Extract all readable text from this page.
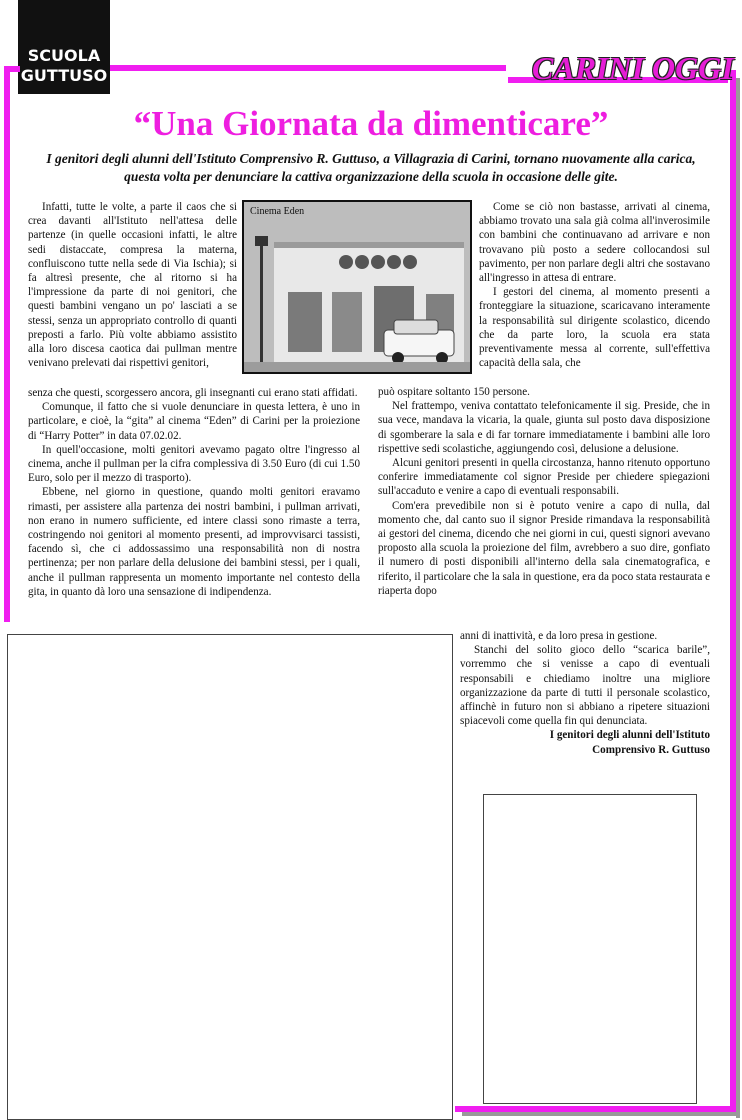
SCUOLA
GUTTUSO	CARINI OGGI
“Una Giornata da dimenticare”
I genitori degli alunni dell'Istituto Comprensivo R. Guttuso, a Villagrazia di Carini, tornano nuovamente alla carica, questa volta per denunciare la cattiva organizzazione della scuola in occasione delle gite.
Cinema Eden

Infatti, tutte le volte, a parte il caos che si crea davanti all'Istituto nell'attesa delle partenze (in quelle occasioni infatti, le altre sedi distaccate, compresa la materna, confluiscono tutte nella sede di Via Ischia); si fa altresì presente, che al ritorno si ha l'impressione da parte di noi genitori, che questi bambini vengano un po' lasciati a se stessi, senza un appropriato controllo di quanti preposti a farlo. Più volte abbiamo assistito alla loro discesa caotica dai pullman mentre venivano prelevati dai rispettivi genitori,

senza che questi, scorgessero ancora, gli insegnanti cui erano stati affidati.

Comunque, il fatto che si vuole denunciare in questa lettera, è uno in particolare, e cioè, la “gita” al cinema “Eden” di Carini per la proiezione di “Harry Potter” in data 07.02.02.

In quell'occasione, molti genitori avevamo pagato oltre l'ingresso al cinema, anche il pullman per la cifra complessiva di 3.50 Euro (di cui 1.50 Euro, solo per il mezzo di trasporto).

Ebbene, nel giorno in questione, quando molti genitori eravamo rimasti, per assistere alla partenza dei nostri bambini, i pullman arrivati, non erano in numero sufficiente, ed intere classi sono rimaste a terra, costringendo noi genitori al momento presenti, ad improvvisarci tassisti, facendo sì, che ci addossassimo una responsabilità non di nostra pertinenza; per non parlare della delusione dei bambini stessi, per i quali, anche il pullman rappresenta un momento importante nel contesto della gita, in quanto dà loro una sensazione di indipendenza.

Come se ciò non bastasse, arrivati al cinema, abbiamo trovato una sala già colma all'inverosimile con bambini che continuavano ad arrivare e non trovavano più posto a sedere collocandosi sul pavimento, per non parlare degli altri che sostavano all'ingresso in attesa di entrare.

I gestori del cinema, al momento presenti a fronteggiare la situazione, scaricavano interamente la responsabilità sul dirigente scolastico, dicendo che da parte loro, la scuola era stata preventivamente messa al corrente, sull'effettiva capacità della sala, che

può ospitare soltanto 150 persone.

Nel frattempo, veniva contattato telefonicamente il sig. Preside, che in sua vece, mandava la vicaria, la quale, giunta sul posto dava disposizione di sgomberare la sala e di far tornare immediatamente i bambini alle loro rispettive sedi scolastiche, aggiungendo così, delusione a delusione.

Alcuni genitori presenti in quella circostanza, hanno ritenuto opportuno conferire immediatamente col signor Preside per chiedere spiegazioni sull'accaduto e venire a capo di eventuali responsabili.

Com'era prevedibile non si è potuto venire a capo di nulla, dal momento che, dal canto suo il signor Preside rimandava la responsabilità ai gestori del cinema, dicendo che nei giorni in cui, questi signori avevano proposto alla scuola la proiezione del film, avrebbero a suo dire, gonfiato il numero di posti disponibili all'interno della sala cinematografica, e riferito, il particolare che la sala in questione, era da poco stata restaurata e riaperta dopo

anni di inattività, e da loro presa in gestione.

Stanchi del solito gioco dello “scarica barile”, vorremmo che si venisse a capo di eventuali responsabili e chiediamo inoltre una migliore organizzazione da parte di tutti il personale scolastico, affinchè in futuro non si abbiano a ripetere situazioni spiacevoli come quella fin qui denunciata.

I genitori degli alunni dell'Istituto

Comprensivo R. Guttuso
